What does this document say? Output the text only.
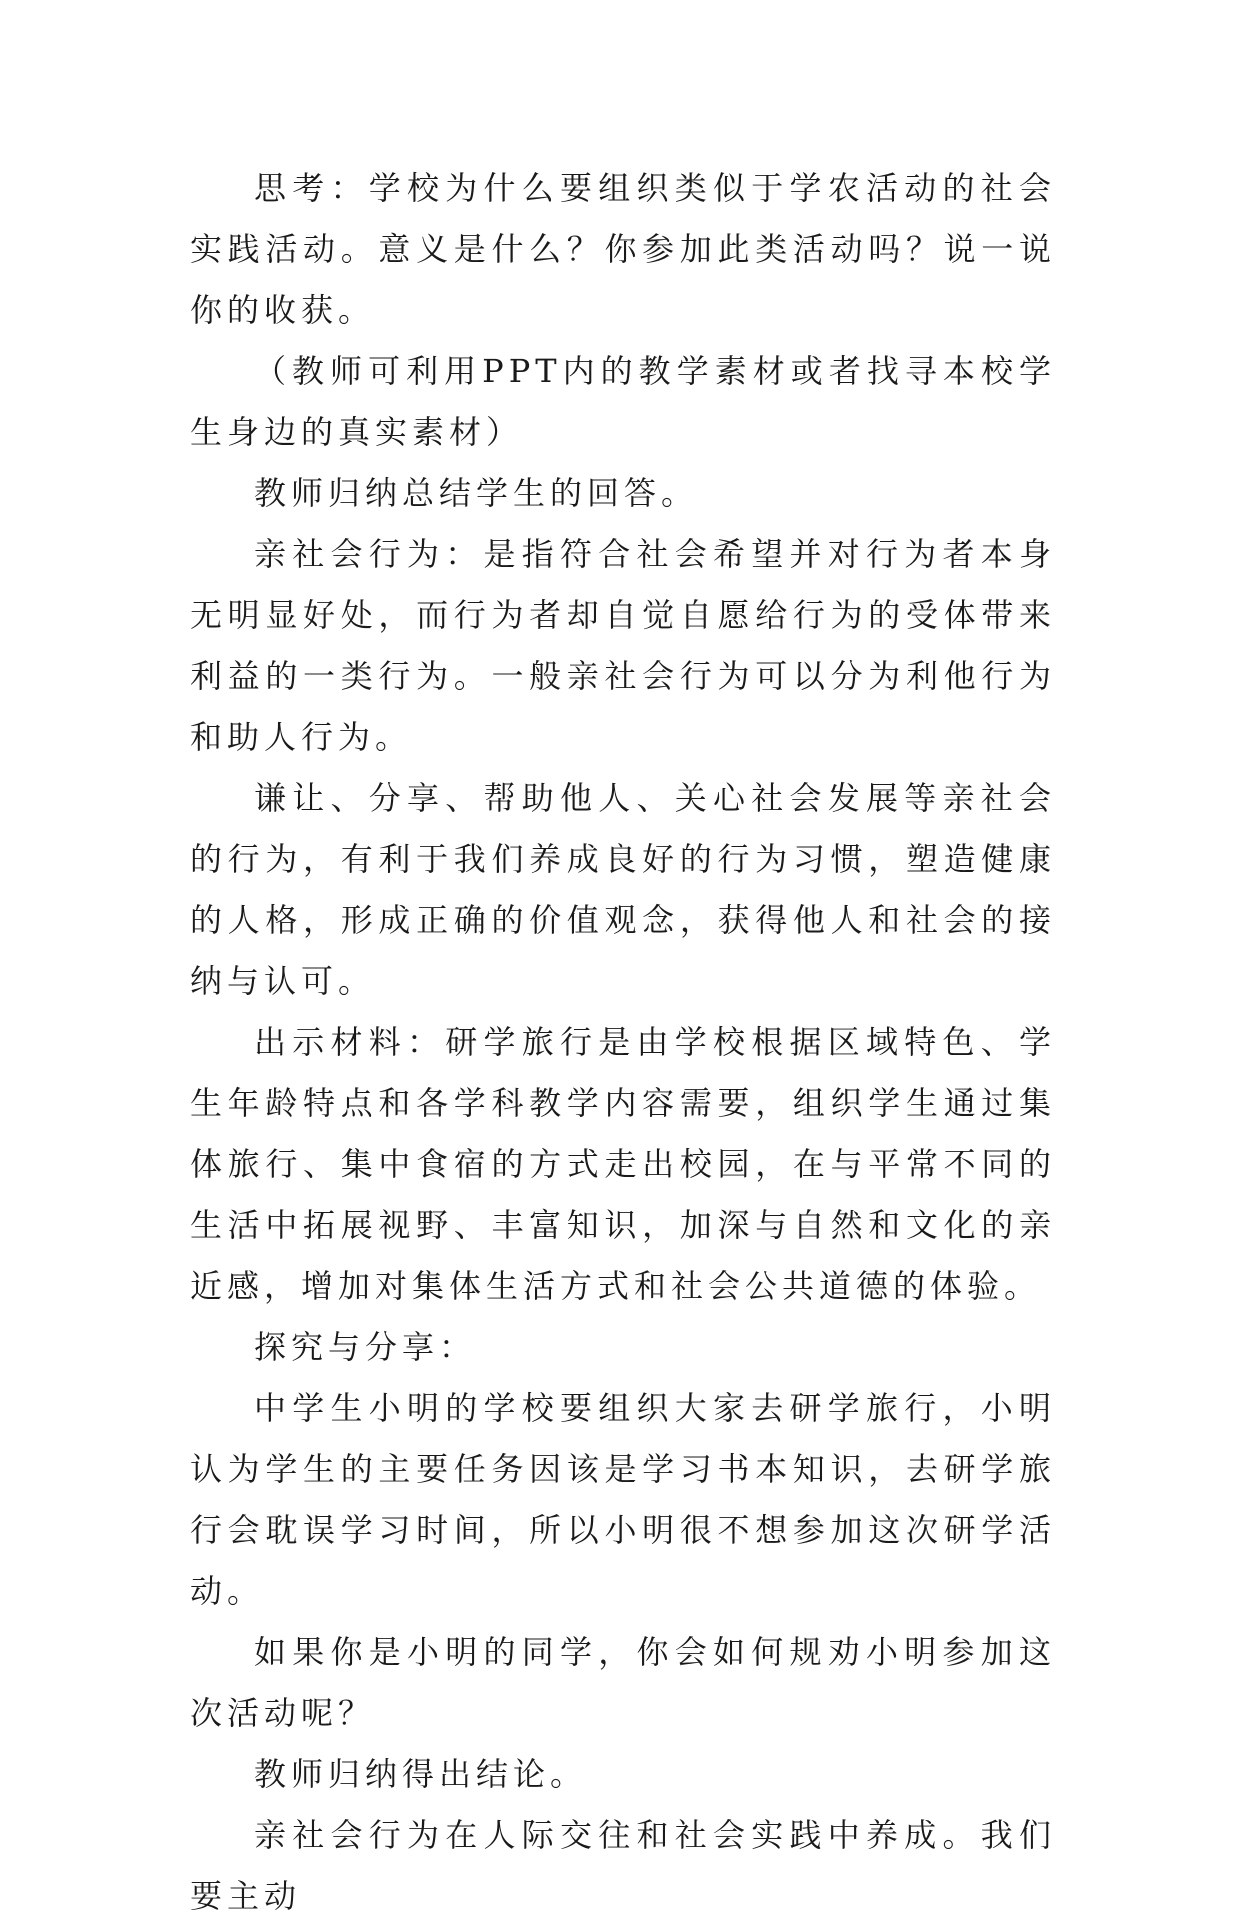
思考：学校为什么要组织类似于学农活动的社会实践活动。意义是什么？你参加此类活动吗？说一说你的收获。

（教师可利用PPT内的教学素材或者找寻本校学生身边的真实素材）

教师归纳总结学生的回答。

亲社会行为：是指符合社会希望并对行为者本身无明显好处，而行为者却自觉自愿给行为的受体带来利益的一类行为。一般亲社会行为可以分为利他行为和助人行为。

谦让、分享、帮助他人、关心社会发展等亲社会的行为，有利于我们养成良好的行为习惯，塑造健康的人格，形成正确的价值观念，获得他人和社会的接纳与认可。

出示材料：研学旅行是由学校根据区域特色、学生年龄特点和各学科教学内容需要，组织学生通过集体旅行、集中食宿的方式走出校园，在与平常不同的生活中拓展视野、丰富知识，加深与自然和文化的亲近感，增加对集体生活方式和社会公共道德的体验。

探究与分享：

中学生小明的学校要组织大家去研学旅行，小明认为学生的主要任务因该是学习书本知识，去研学旅行会耽误学习时间，所以小明很不想参加这次研学活动。

如果你是小明的同学，你会如何规劝小明参加这次活动呢？

教师归纳得出结论。

亲社会行为在人际交往和社会实践中养成。我们要主动
